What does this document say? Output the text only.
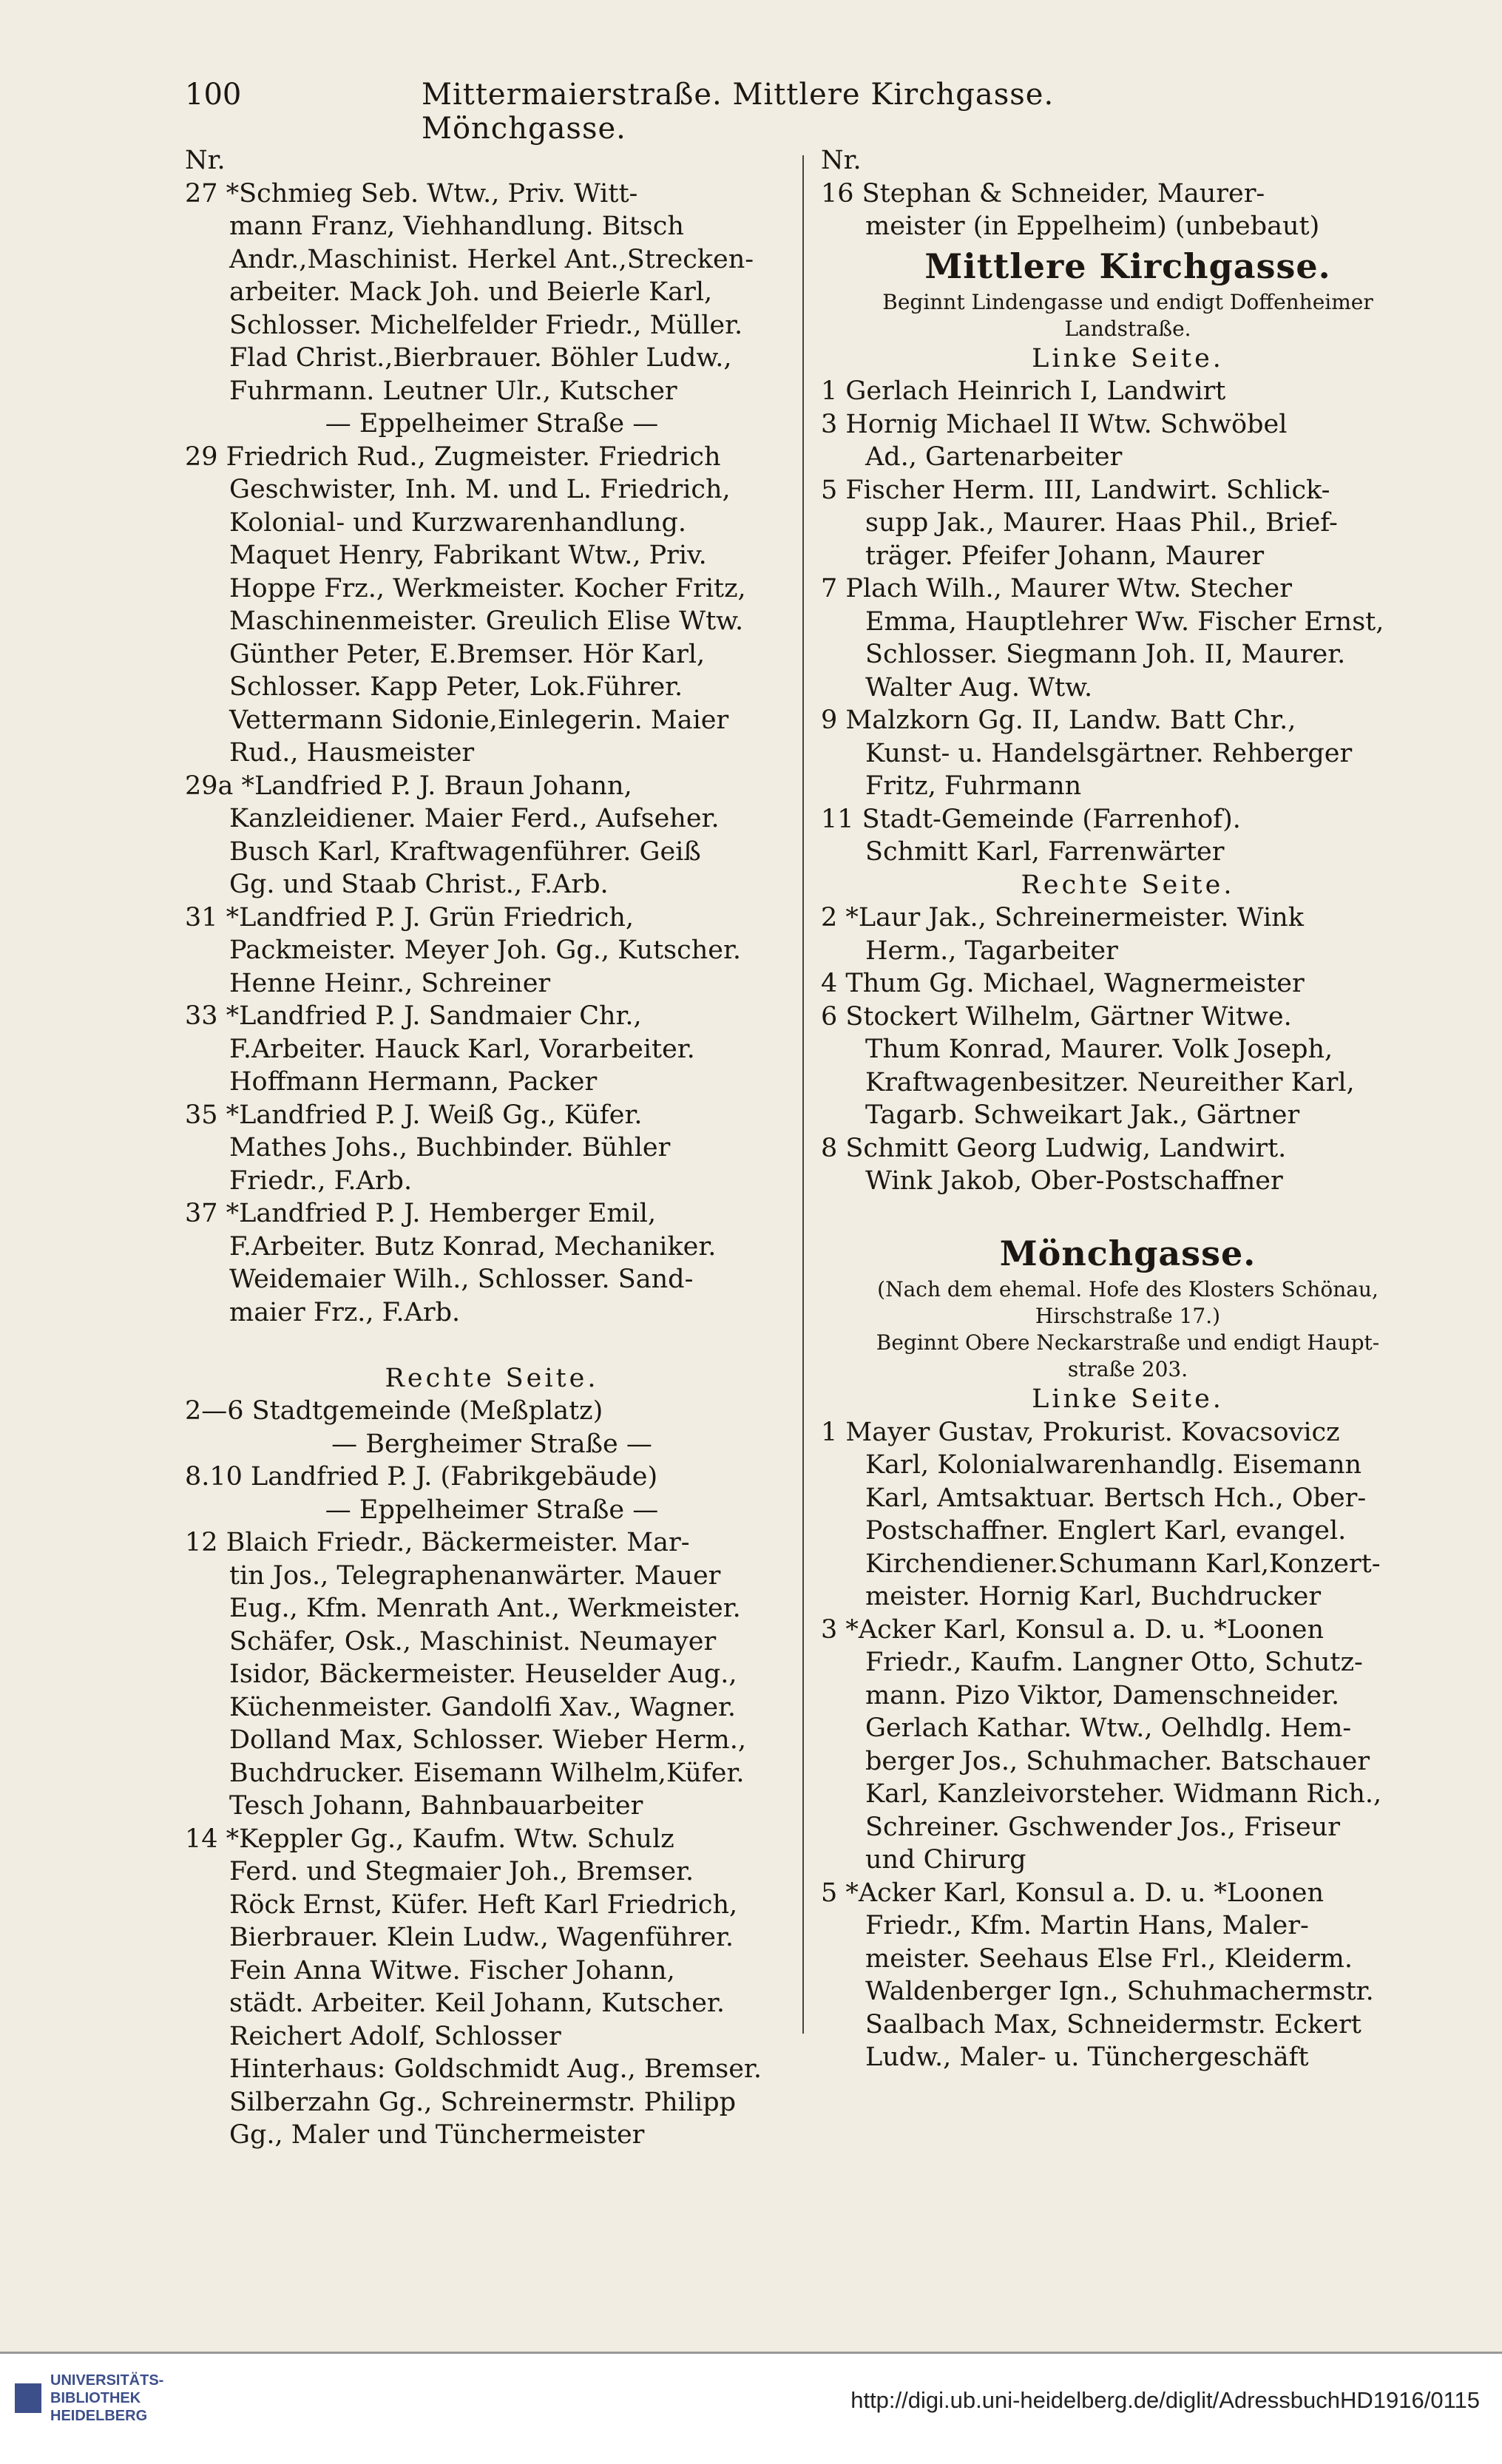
100	Mittermaierstraße. Mittlere Kirchgasse. Mönchgasse.
Nr.
27 *Schmieg Seb. Wtw., Priv. Witt-
mann Franz, Viehhandlung. Bitsch
Andr.,Maschinist. Herkel Ant.,Strecken-
arbeiter. Mack Joh. und Beierle Karl,
Schlosser. Michelfelder Friedr., Müller.
Flad Christ.,Bierbrauer. Böhler Ludw.,
Fuhrmann. Leutner Ulr., Kutscher
— Eppelheimer Straße —
29 Friedrich Rud., Zugmeister. Friedrich
Geschwister, Inh. M. und L. Friedrich,
Kolonial- und Kurzwarenhandlung.
Maquet Henry, Fabrikant Wtw., Priv.
Hoppe Frz., Werkmeister. Kocher Fritz,
Maschinenmeister. Greulich Elise Wtw.
Günther Peter, E.Bremser. Hör Karl,
Schlosser. Kapp Peter, Lok.Führer.
Vettermann Sidonie,Einlegerin. Maier
Rud., Hausmeister
29a *Landfried P. J. Braun Johann,
Kanzleidiener. Maier Ferd., Aufseher.
Busch Karl, Kraftwagenführer. Geiß
Gg. und Staab Christ., F.Arb.
31 *Landfried P. J. Grün Friedrich,
Packmeister. Meyer Joh. Gg., Kutscher.
Henne Heinr., Schreiner
33 *Landfried P. J. Sandmaier Chr.,
F.Arbeiter. Hauck Karl, Vorarbeiter.
Hoffmann Hermann, Packer
35 *Landfried P. J. Weiß Gg., Küfer.
Mathes Johs., Buchbinder. Bühler
Friedr., F.Arb.
37 *Landfried P. J. Hemberger Emil,
F.Arbeiter. Butz Konrad, Mechaniker.
Weidemaier Wilh., Schlosser. Sand-
maier Frz., F.Arb.
Rechte Seite.
2—6 Stadtgemeinde (Meßplatz)
— Bergheimer Straße —
8.10 Landfried P. J. (Fabrikgebäude)
— Eppelheimer Straße —
12 Blaich Friedr., Bäckermeister. Mar-
tin Jos., Telegraphenanwärter. Mauer
Eug., Kfm. Menrath Ant., Werkmeister.
Schäfer, Osk., Maschinist. Neumayer
Isidor, Bäckermeister. Heuselder Aug.,
Küchenmeister. Gandolfi Xav., Wagner.
Dolland Max, Schlosser. Wieber Herm.,
Buchdrucker. Eisemann Wilhelm,Küfer.
Tesch Johann, Bahnbauarbeiter
14 *Keppler Gg., Kaufm. Wtw. Schulz
Ferd. und Stegmaier Joh., Bremser.
Röck Ernst, Küfer. Heft Karl Friedrich,
Bierbrauer. Klein Ludw., Wagenführer.
Fein Anna Witwe. Fischer Johann,
städt. Arbeiter. Keil Johann, Kutscher.
Reichert Adolf, Schlosser
Hinterhaus: Goldschmidt Aug., Bremser.
Silberzahn Gg., Schreinermstr. Philipp
Gg., Maler und Tünchermeister
Nr.
16 Stephan & Schneider, Maurer-
meister (in Eppelheim) (unbebaut)
Mittlere Kirchgasse.
Beginnt Lindengasse und endigt Doffenheimer
Landstraße.
Linke Seite.
1 Gerlach Heinrich I, Landwirt
3 Hornig Michael II Wtw. Schwöbel
Ad., Gartenarbeiter
5 Fischer Herm. III, Landwirt. Schlick-
supp Jak., Maurer. Haas Phil., Brief-
träger. Pfeifer Johann, Maurer
7 Plach Wilh., Maurer Wtw. Stecher
Emma, Hauptlehrer Ww. Fischer Ernst,
Schlosser. Siegmann Joh. II, Maurer.
Walter Aug. Wtw.
9 Malzkorn Gg. II, Landw. Batt Chr.,
Kunst- u. Handelsgärtner. Rehberger
Fritz, Fuhrmann
11 Stadt-Gemeinde (Farrenhof).
Schmitt Karl, Farrenwärter
Rechte Seite.
2 *Laur Jak., Schreinermeister. Wink
Herm., Tagarbeiter
4 Thum Gg. Michael, Wagnermeister
6 Stockert Wilhelm, Gärtner Witwe.
Thum Konrad, Maurer. Volk Joseph,
Kraftwagenbesitzer. Neureither Karl,
Tagarb. Schweikart Jak., Gärtner
8 Schmitt Georg Ludwig, Landwirt.
Wink Jakob, Ober-Postschaffner
Mönchgasse.
(Nach dem ehemal. Hofe des Klosters Schönau,
Hirschstraße 17.)
Beginnt Obere Neckarstraße und endigt Haupt-
straße 203.
Linke Seite.
1 Mayer Gustav, Prokurist. Kovacsovicz
Karl, Kolonialwarenhandlg. Eisemann
Karl, Amtsaktuar. Bertsch Hch., Ober-
Postschaffner. Englert Karl, evangel.
Kirchendiener.Schumann Karl,Konzert-
meister. Hornig Karl, Buchdrucker
3 *Acker Karl, Konsul a. D. u. *Loonen
Friedr., Kaufm. Langner Otto, Schutz-
mann. Pizo Viktor, Damenschneider.
Gerlach Kathar. Wtw., Oelhdlg. Hem-
berger Jos., Schuhmacher. Batschauer
Karl, Kanzleivorsteher. Widmann Rich.,
Schreiner. Gschwender Jos., Friseur
und Chirurg
5 *Acker Karl, Konsul a. D. u. *Loonen
Friedr., Kfm. Martin Hans, Maler-
meister. Seehaus Else Frl., Kleiderm.
Waldenberger Ign., Schuhmachermstr.
Saalbach Max, Schneidermstr. Eckert
Ludw., Maler- u. Tünchergeschäft
UNIVERSITÄTS-
BIBLIOTHEK
HEIDELBERG
http://digi.ub.uni-heidelberg.de/diglit/AdressbuchHD1916/0115
